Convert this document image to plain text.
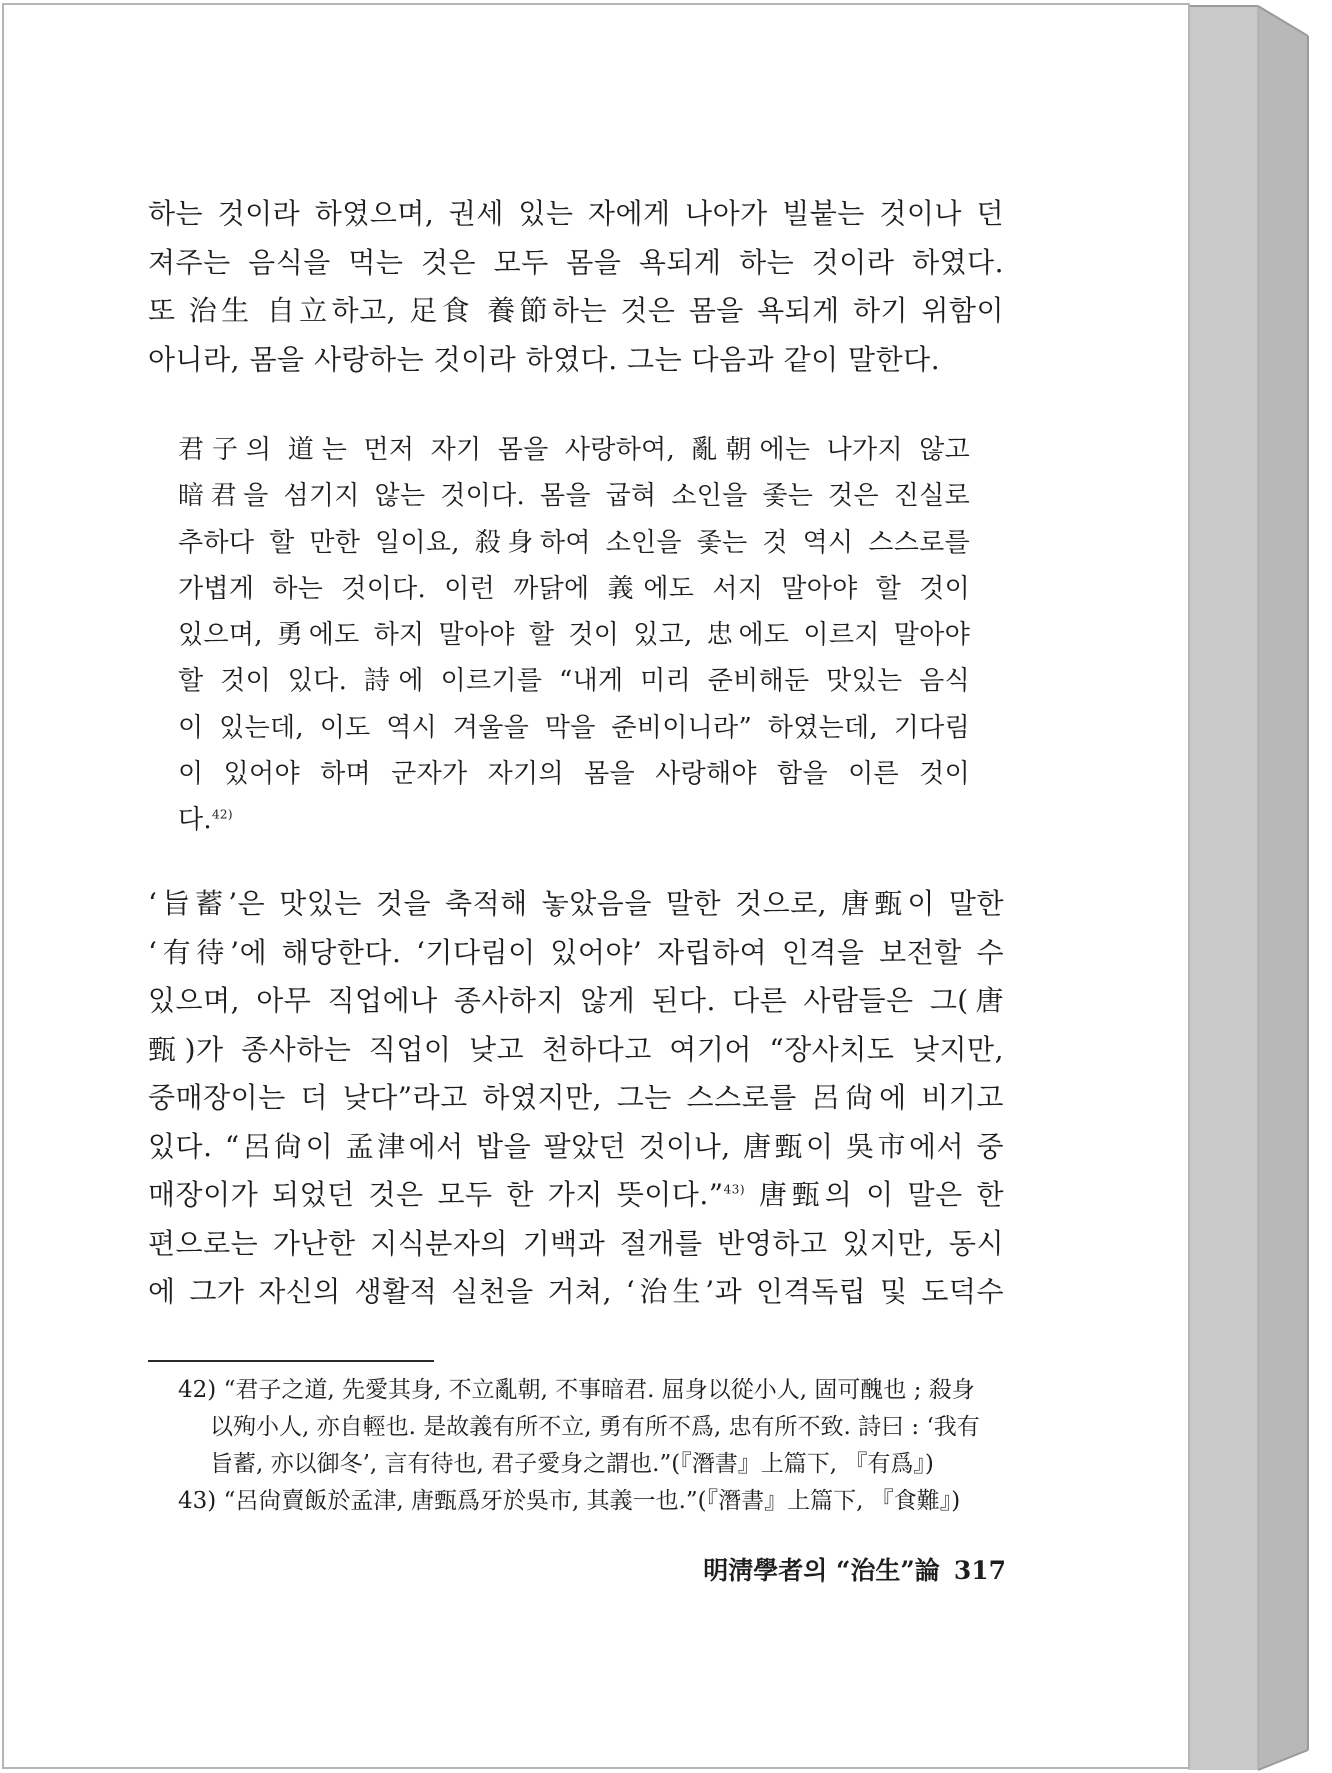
하는 것이라 하였으며, 권세 있는 자에게 나아가 빌붙는 것이나 던
져주는 음식을 먹는 것은 모두 몸을 욕되게 하는 것이라 하였다.
또 治生 自立하고, 足食 養節하는 것은 몸을 욕되게 하기 위함이
아니라, 몸을 사랑하는 것이라 하였다. 그는 다음과 같이 말한다.
君子의 道는 먼저 자기 몸을 사랑하여, 亂朝에는 나가지 않고
暗君을 섬기지 않는 것이다. 몸을 굽혀 소인을 좇는 것은 진실로
추하다 할 만한 일이요, 殺身하여 소인을 좇는 것 역시 스스로를
가볍게 하는 것이다. 이런 까닭에 義에도 서지 말아야 할 것이
있으며, 勇에도 하지 말아야 할 것이 있고, 忠에도 이르지 말아야
할 것이 있다. 詩에 이르기를 “내게 미리 준비해둔 맛있는 음식
이 있는데, 이도 역시 겨울을 막을 준비이니라” 하였는데, 기다림
이 있어야 하며 군자가 자기의 몸을 사랑해야 함을 이른 것이
다.$^{42)}$
‘旨蓄’은 맛있는 것을 축적해 놓았음을 말한 것으로, 唐甄이 말한
‘有待’에 해당한다. ‘기다림이 있어야’ 자립하여 인격을 보전할 수
있으며, 아무 직업에나 종사하지 않게 된다. 다른 사람들은 그(唐
甄)가 종사하는 직업이 낮고 천하다고 여기어 “장사치도 낮지만,
중매장이는 더 낮다”라고 하였지만, 그는 스스로를 呂尙에 비기고
있다. “呂尙이 孟津에서 밥을 팔았던 것이나, 唐甄이 吳市에서 중
매장이가 되었던 것은 모두 한 가지 뜻이다.”$^{43)}$ 唐甄의 이 말은 한
편으로는 가난한 지식분자의 기백과 절개를 반영하고 있지만, 동시
에 그가 자신의 생활적 실천을 거쳐, ‘治生’과 인격독립 및 도덕수
42) “君子之道, 先愛其身, 不立亂朝, 不事暗君. 屈身以從小人, 固可醜也 ; 殺身
以殉小人, 亦自輕也. 是故義有所不立, 勇有所不爲, 忠有所不致. 詩曰 : ‘我有
旨蓄, 亦以御冬’, 言有待也, 君子愛身之謂也.”(『潛書』上篇下, 『有爲』)
43) “呂尙賣飯於孟津, 唐甄爲牙於吳市, 其義一也.”(『潛書』上篇下, 『食難』)
明淸學者의 “治生”論 317
